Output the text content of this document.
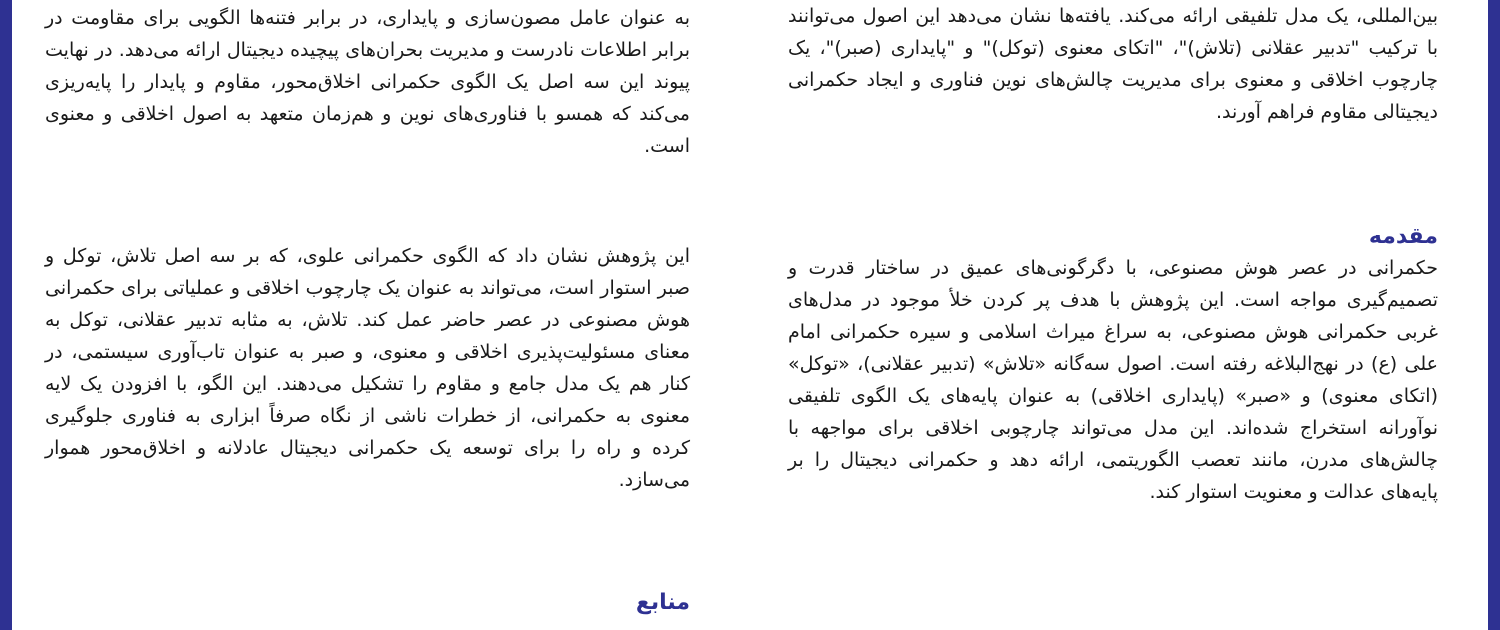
بین‌المللی، یک مدل تلفیقی ارائه می‌کند. یافته‌ها نشان می‌دهد این اصول می‌توانند با ترکیب "تدبیر عقلانی (تلاش)"، "اتکای معنوی (توکل)" و "پایداری (صبر)"، یک چارچوب اخلاقی و معنوی برای مدیریت چالش‌های نوین فناوری و ایجاد حکمرانی دیجیتالی مقاوم فراهم آورند.

مقدمه

حکمرانی در عصر هوش مصنوعی، با دگرگونی‌های عمیق در ساختار قدرت و تصمیم‌گیری مواجه است. این پژوهش با هدف پر کردن خلأ موجود در مدل‌های غربی حکمرانی هوش مصنوعی، به سراغ میراث اسلامی و سیره حکمرانی امام علی (ع) در نهج‌البلاغه رفته است. اصول سه‌گانه «تلاش» (تدبیر عقلانی)، «توکل» (اتکای معنوی) و «صبر» (پایداری اخلاقی) به عنوان پایه‌های یک الگوی تلفیقی نوآورانه استخراج شده‌اند. این مدل می‌تواند چارچوبی اخلاقی برای مواجهه با چالش‌های مدرن، مانند تعصب الگوریتمی، ارائه دهد و حکمرانی دیجیتال را بر پایه‌های عدالت و معنویت استوار کند.

به عنوان عامل مصون‌سازی و پایداری، در برابر فتنه‌ها الگویی برای مقاومت در برابر اطلاعات نادرست و مدیریت بحران‌های پیچیده دیجیتال ارائه می‌دهد. در نهایت پیوند این سه اصل یک الگوی حکمرانی اخلاق‌محور، مقاوم و پایدار را پایه‌ریزی می‌کند که همسو با فناوری‌های نوین و هم‌زمان متعهد به اصول اخلاقی و معنوی است.

این پژوهش نشان داد که الگوی حکمرانی علوی، که بر سه اصل تلاش، توکل و صبر استوار است، می‌تواند به عنوان یک چارچوب اخلاقی و عملیاتی برای حکمرانی هوش مصنوعی در عصر حاضر عمل کند. تلاش، به مثابه تدبیر عقلانی، توکل به معنای مسئولیت‌پذیری اخلاقی و معنوی، و صبر به عنوان تاب‌آوری سیستمی، در کنار هم یک مدل جامع و مقاوم را تشکیل می‌دهند. این الگو، با افزودن یک لایه معنوی به حکمرانی، از خطرات ناشی از نگاه صرفاً ابزاری به فناوری جلوگیری کرده و راه را برای توسعه یک حکمرانی دیجیتال عادلانه و اخلاق‌محور هموار می‌سازد.

منابع
